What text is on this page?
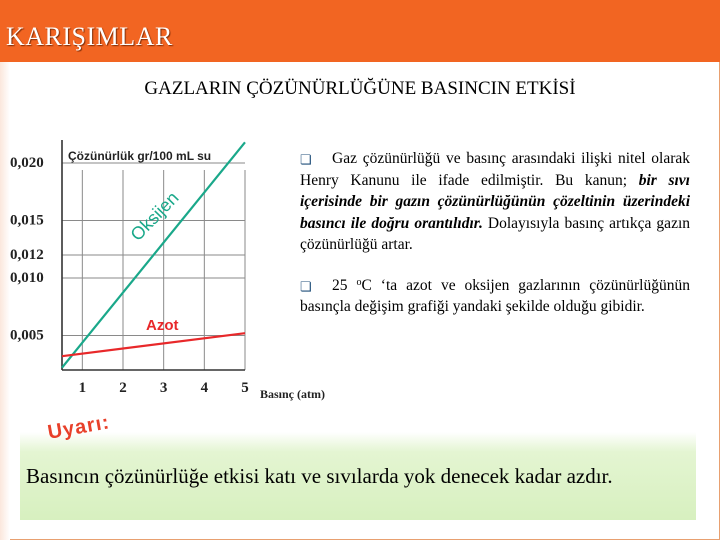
KARIŞIMLAR
GAZLARIN ÇÖZÜNÜRLÜĞÜNE BASINCIN ETKİSİ
1 2 3 4 5
0,020
0,015
0,012
0,010
0,005
Çözünürlük gr/100 mL su
Basınç (atm)
Oksijen
Azot

❏ Gaz çözünürlüğü ve basınç arasındaki ilişki nitel olarak Henry Kanunu ile ifade edilmiştir. Bu kanun; bir sıvı içerisinde bir gazın çözünürlüğünün çözeltinin üzerindeki basıncı ile doğru orantılıdır. Dolayısıyla basınç artıkça gazın çözünürlüğü artar.

❏ 25 $^o$C ‘ta azot ve oksijen gazlarının çözünürlüğünün basınçla değişim grafiği yandaki şekilde olduğu gibidir.

Uyarı:
Basıncın çözünürlüğe etkisi katı ve sıvılarda yok denecek kadar azdır.
